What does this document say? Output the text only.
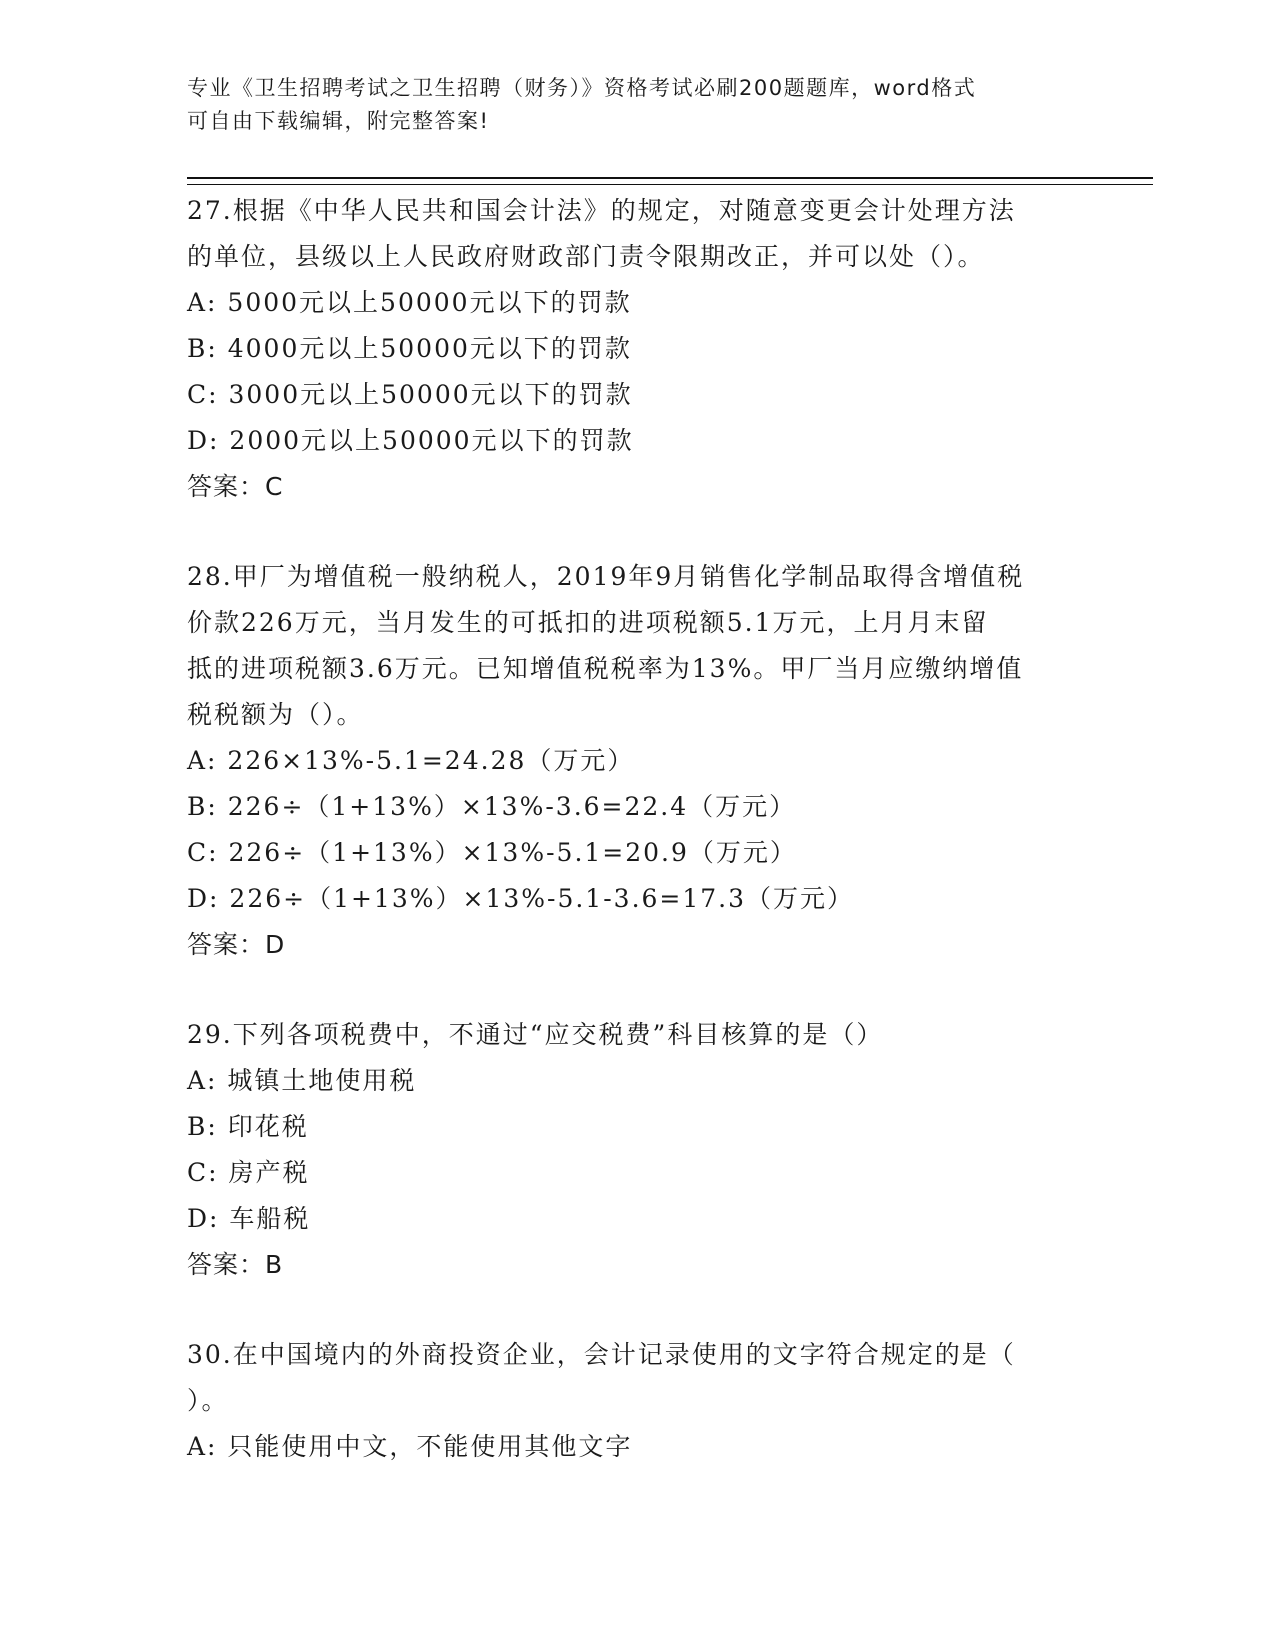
专业《卫生招聘考试之卫生招聘（财务）》资格考试必刷200题题库，word格式
可自由下载编辑，附完整答案!
27.根据《中华人民共和国会计法》的规定，对随意变更会计处理方法
的单位，县级以上人民政府财政部门责令限期改正，并可以处（）。
A: 5000元以上50000元以下的罚款
B: 4000元以上50000元以下的罚款
C: 3000元以上50000元以下的罚款
D: 2000元以上50000元以下的罚款
答案：C
28.甲厂为增值税一般纳税人，2019年9月销售化学制品取得含增值税
价款226万元，当月发生的可抵扣的进项税额5.1万元，上月月末留
抵的进项税额3.6万元。已知增值税税率为13%。甲厂当月应缴纳增值
税税额为（）。
A: 226×13%-5.1=24.28（万元）
B: 226÷（1+13%）×13%-3.6=22.4（万元）
C: 226÷（1+13%）×13%-5.1=20.9（万元）
D: 226÷（1+13%）×13%-5.1-3.6=17.3（万元）
答案：D
29.下列各项税费中，不通过“应交税费”科目核算的是（）
A: 城镇土地使用税
B: 印花税
C: 房产税
D: 车船税
答案：B
30.在中国境内的外商投资企业，会计记录使用的文字符合规定的是（
）。
A: 只能使用中文，不能使用其他文字
